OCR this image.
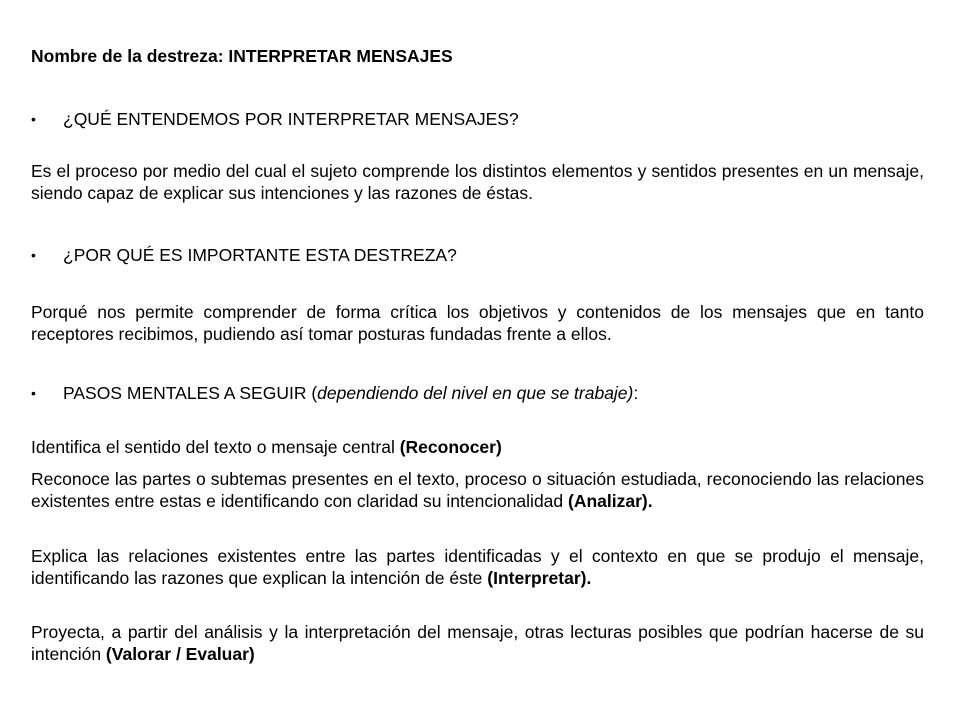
Nombre de la destreza: INTERPRETAR MENSAJES
• ¿QUÉ ENTENDEMOS POR INTERPRETAR MENSAJES?
Es el proceso por medio del cual el sujeto comprende los distintos elementos y sentidos presentes en un mensaje, siendo capaz de explicar sus intenciones y las razones de éstas.
• ¿POR QUÉ ES IMPORTANTE ESTA DESTREZA?
Porqué nos permite comprender de forma crítica los objetivos y contenidos de los mensajes que en tanto receptores recibimos, pudiendo así tomar posturas fundadas frente a ellos.
• PASOS MENTALES A SEGUIR (dependiendo del nivel en que se trabaje):
Identifica el sentido del texto o mensaje central (Reconocer)
Reconoce las partes o subtemas presentes en el texto, proceso o situación estudiada, reconociendo las relaciones existentes entre estas e identificando con claridad su intencionalidad (Analizar).
Explica las relaciones existentes entre las partes identificadas y el contexto en que se produjo el mensaje, identificando las razones que explican la intención de éste (Interpretar).
Proyecta, a partir del análisis y la interpretación del mensaje, otras lecturas posibles que podrían hacerse de su intención (Valorar / Evaluar)
